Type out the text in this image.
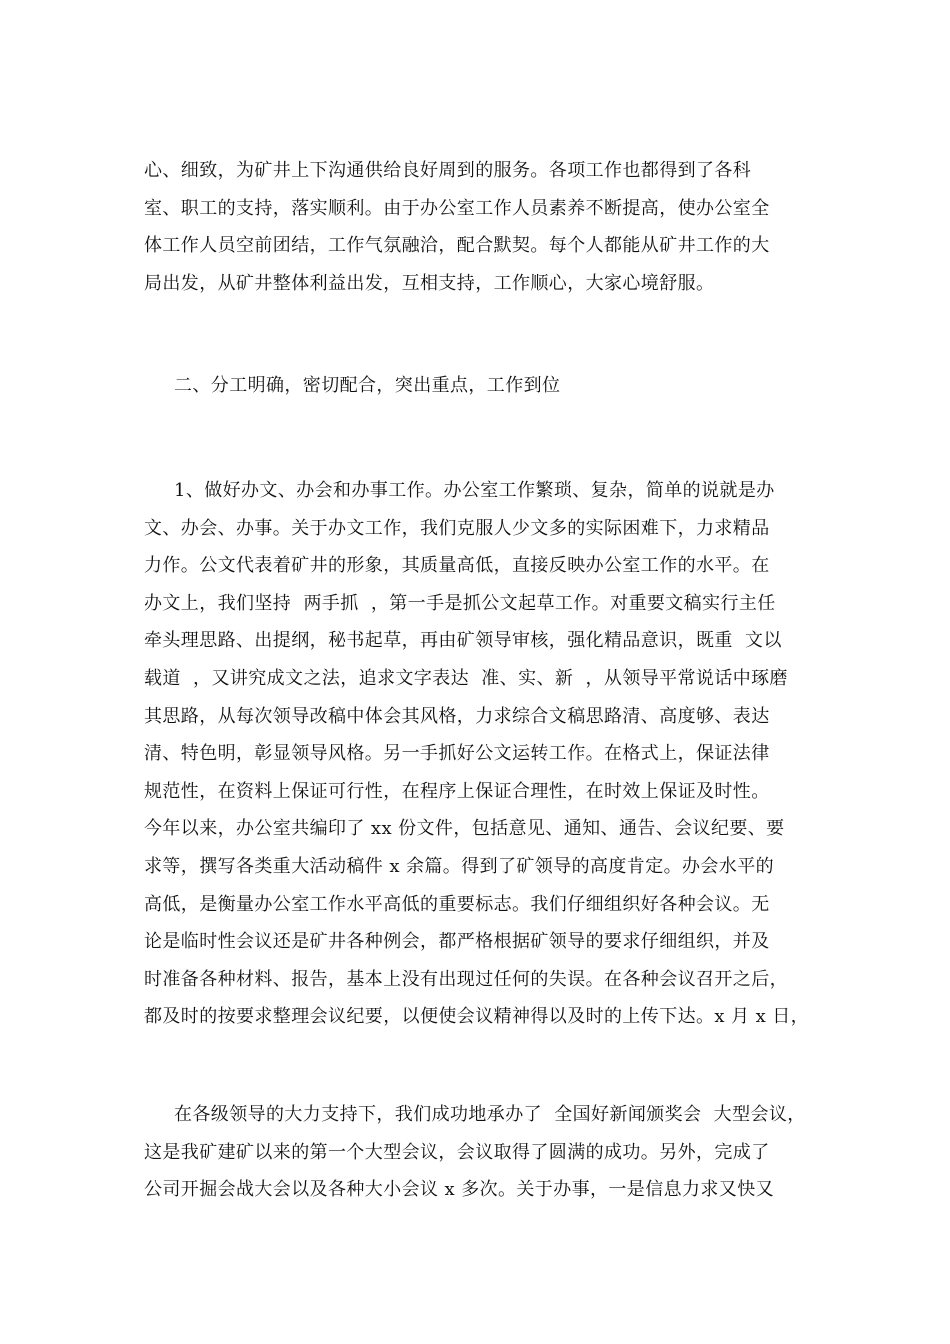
心、细致，为矿井上下沟通供给良好周到的服务。各项工作也都得到了各科
室、职工的支持，落实顺利。由于办公室工作人员素养不断提高，使办公室全
体工作人员空前团结，工作气氛融洽，配合默契。每个人都能从矿井工作的大
局出发，从矿井整体利益出发，互相支持，工作顺心，大家心境舒服。
二、分工明确，密切配合，突出重点，工作到位
1、做好办文、办会和办事工作。办公室工作繁琐、复杂，简单的说就是办
文、办会、办事。关于办文工作，我们克服人少文多的实际困难下，力求精品
力作。公文代表着矿井的形象，其质量高低，直接反映办公室工作的水平。在
办文上，我们坚持  两手抓  ，第一手是抓公文起草工作。对重要文稿实行主任
牵头理思路、出提纲，秘书起草，再由矿领导审核，强化精品意识，既重  文以
载道  ，又讲究成文之法，追求文字表达  准、实、新  ，从领导平常说话中琢磨
其思路，从每次领导改稿中体会其风格，力求综合文稿思路清、高度够、表达
清、特色明，彰显领导风格。另一手抓好公文运转工作。在格式上，保证法律
规范性，在资料上保证可行性，在程序上保证合理性，在时效上保证及时性。
今年以来，办公室共编印了 xx 份文件，包括意见、通知、通告、会议纪要、要
求等，撰写各类重大活动稿件 x 余篇。得到了矿领导的高度肯定。办会水平的
高低，是衡量办公室工作水平高低的重要标志。我们仔细组织好各种会议。无
论是临时性会议还是矿井各种例会，都严格根据矿领导的要求仔细组织，并及
时准备各种材料、报告，基本上没有出现过任何的失误。在各种会议召开之后，
都及时的按要求整理会议纪要，以便使会议精神得以及时的上传下达。x 月 x 日，
在各级领导的大力支持下，我们成功地承办了  全国好新闻颁奖会  大型会议，
这是我矿建矿以来的第一个大型会议，会议取得了圆满的成功。另外，完成了
公司开掘会战大会以及各种大小会议 x 多次。关于办事，一是信息力求又快又
